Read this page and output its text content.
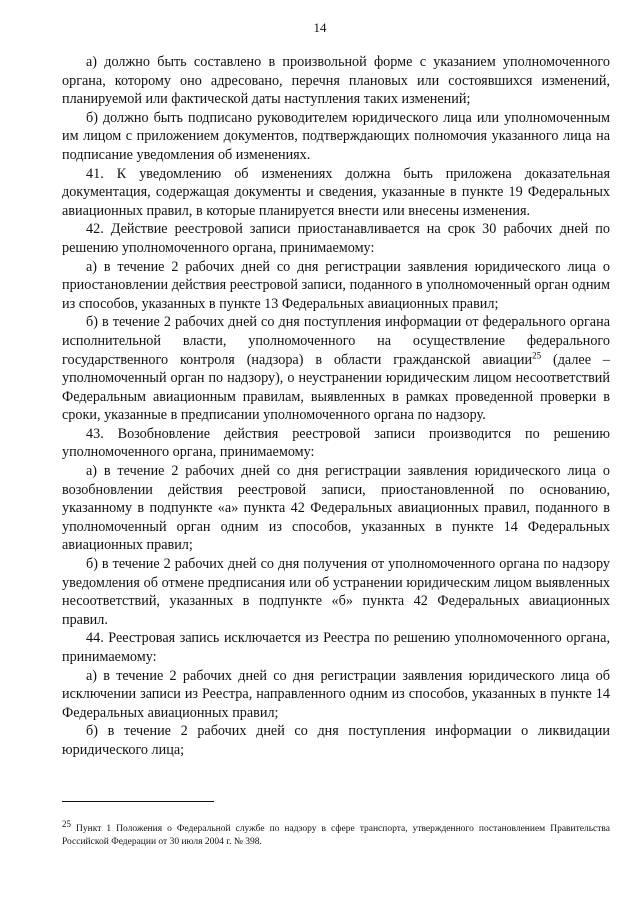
14

а) должно быть составлено в произвольной форме с указанием уполномоченного органа, которому оно адресовано, перечня плановых или состоявшихся изменений, планируемой или фактической даты наступления таких изменений;

б) должно быть подписано руководителем юридического лица или уполномоченным им лицом с приложением документов, подтверждающих полномочия указанного лица на подписание уведомления об изменениях.

41. К уведомлению об изменениях должна быть приложена доказательная документация, содержащая документы и сведения, указанные в пункте 19 Федеральных авиационных правил, в которые планируется внести или внесены изменения.

42. Действие реестровой записи приостанавливается на срок 30 рабочих дней по решению уполномоченного органа, принимаемому:

а) в течение 2 рабочих дней со дня регистрации заявления юридического лица о приостановлении действия реестровой записи, поданного в уполномоченный орган одним из способов, указанных в пункте 13 Федеральных авиационных правил;

б) в течение 2 рабочих дней со дня поступления информации от федерального органа исполнительной власти, уполномоченного на осуществление федерального государственного контроля (надзора) в области гражданской авиации$^{25}$ (далее – уполномоченный орган по надзору), о неустранении юридическим лицом несоответствий Федеральным авиационным правилам, выявленных в рамках проведенной проверки в сроки, указанные в предписании уполномоченного органа по надзору.

43. Возобновление действия реестровой записи производится по решению уполномоченного органа, принимаемому:

а) в течение 2 рабочих дней со дня регистрации заявления юридического лица о возобновлении действия реестровой записи, приостановленной по основанию, указанному в подпункте «а» пункта 42 Федеральных авиационных правил, поданного в уполномоченный орган одним из способов, указанных в пункте 14 Федеральных авиационных правил;

б) в течение 2 рабочих дней со дня получения от уполномоченного органа по надзору уведомления об отмене предписания или об устранении юридическим лицом выявленных несоответствий, указанных в подпункте «б» пункта 42 Федеральных авиационных правил.

44. Реестровая запись исключается из Реестра по решению уполномоченного органа, принимаемому:

а) в течение 2 рабочих дней со дня регистрации заявления юридического лица об исключении записи из Реестра, направленного одним из способов, указанных в пункте 14 Федеральных авиационных правил;

б) в течение 2 рабочих дней со дня поступления информации о ликвидации юридического лица;

$^{25}$ Пункт 1 Положения о Федеральной службе по надзору в сфере транспорта, утвержденного постановлением Правительства Российской Федерации от 30 июля 2004 г. № 398.
